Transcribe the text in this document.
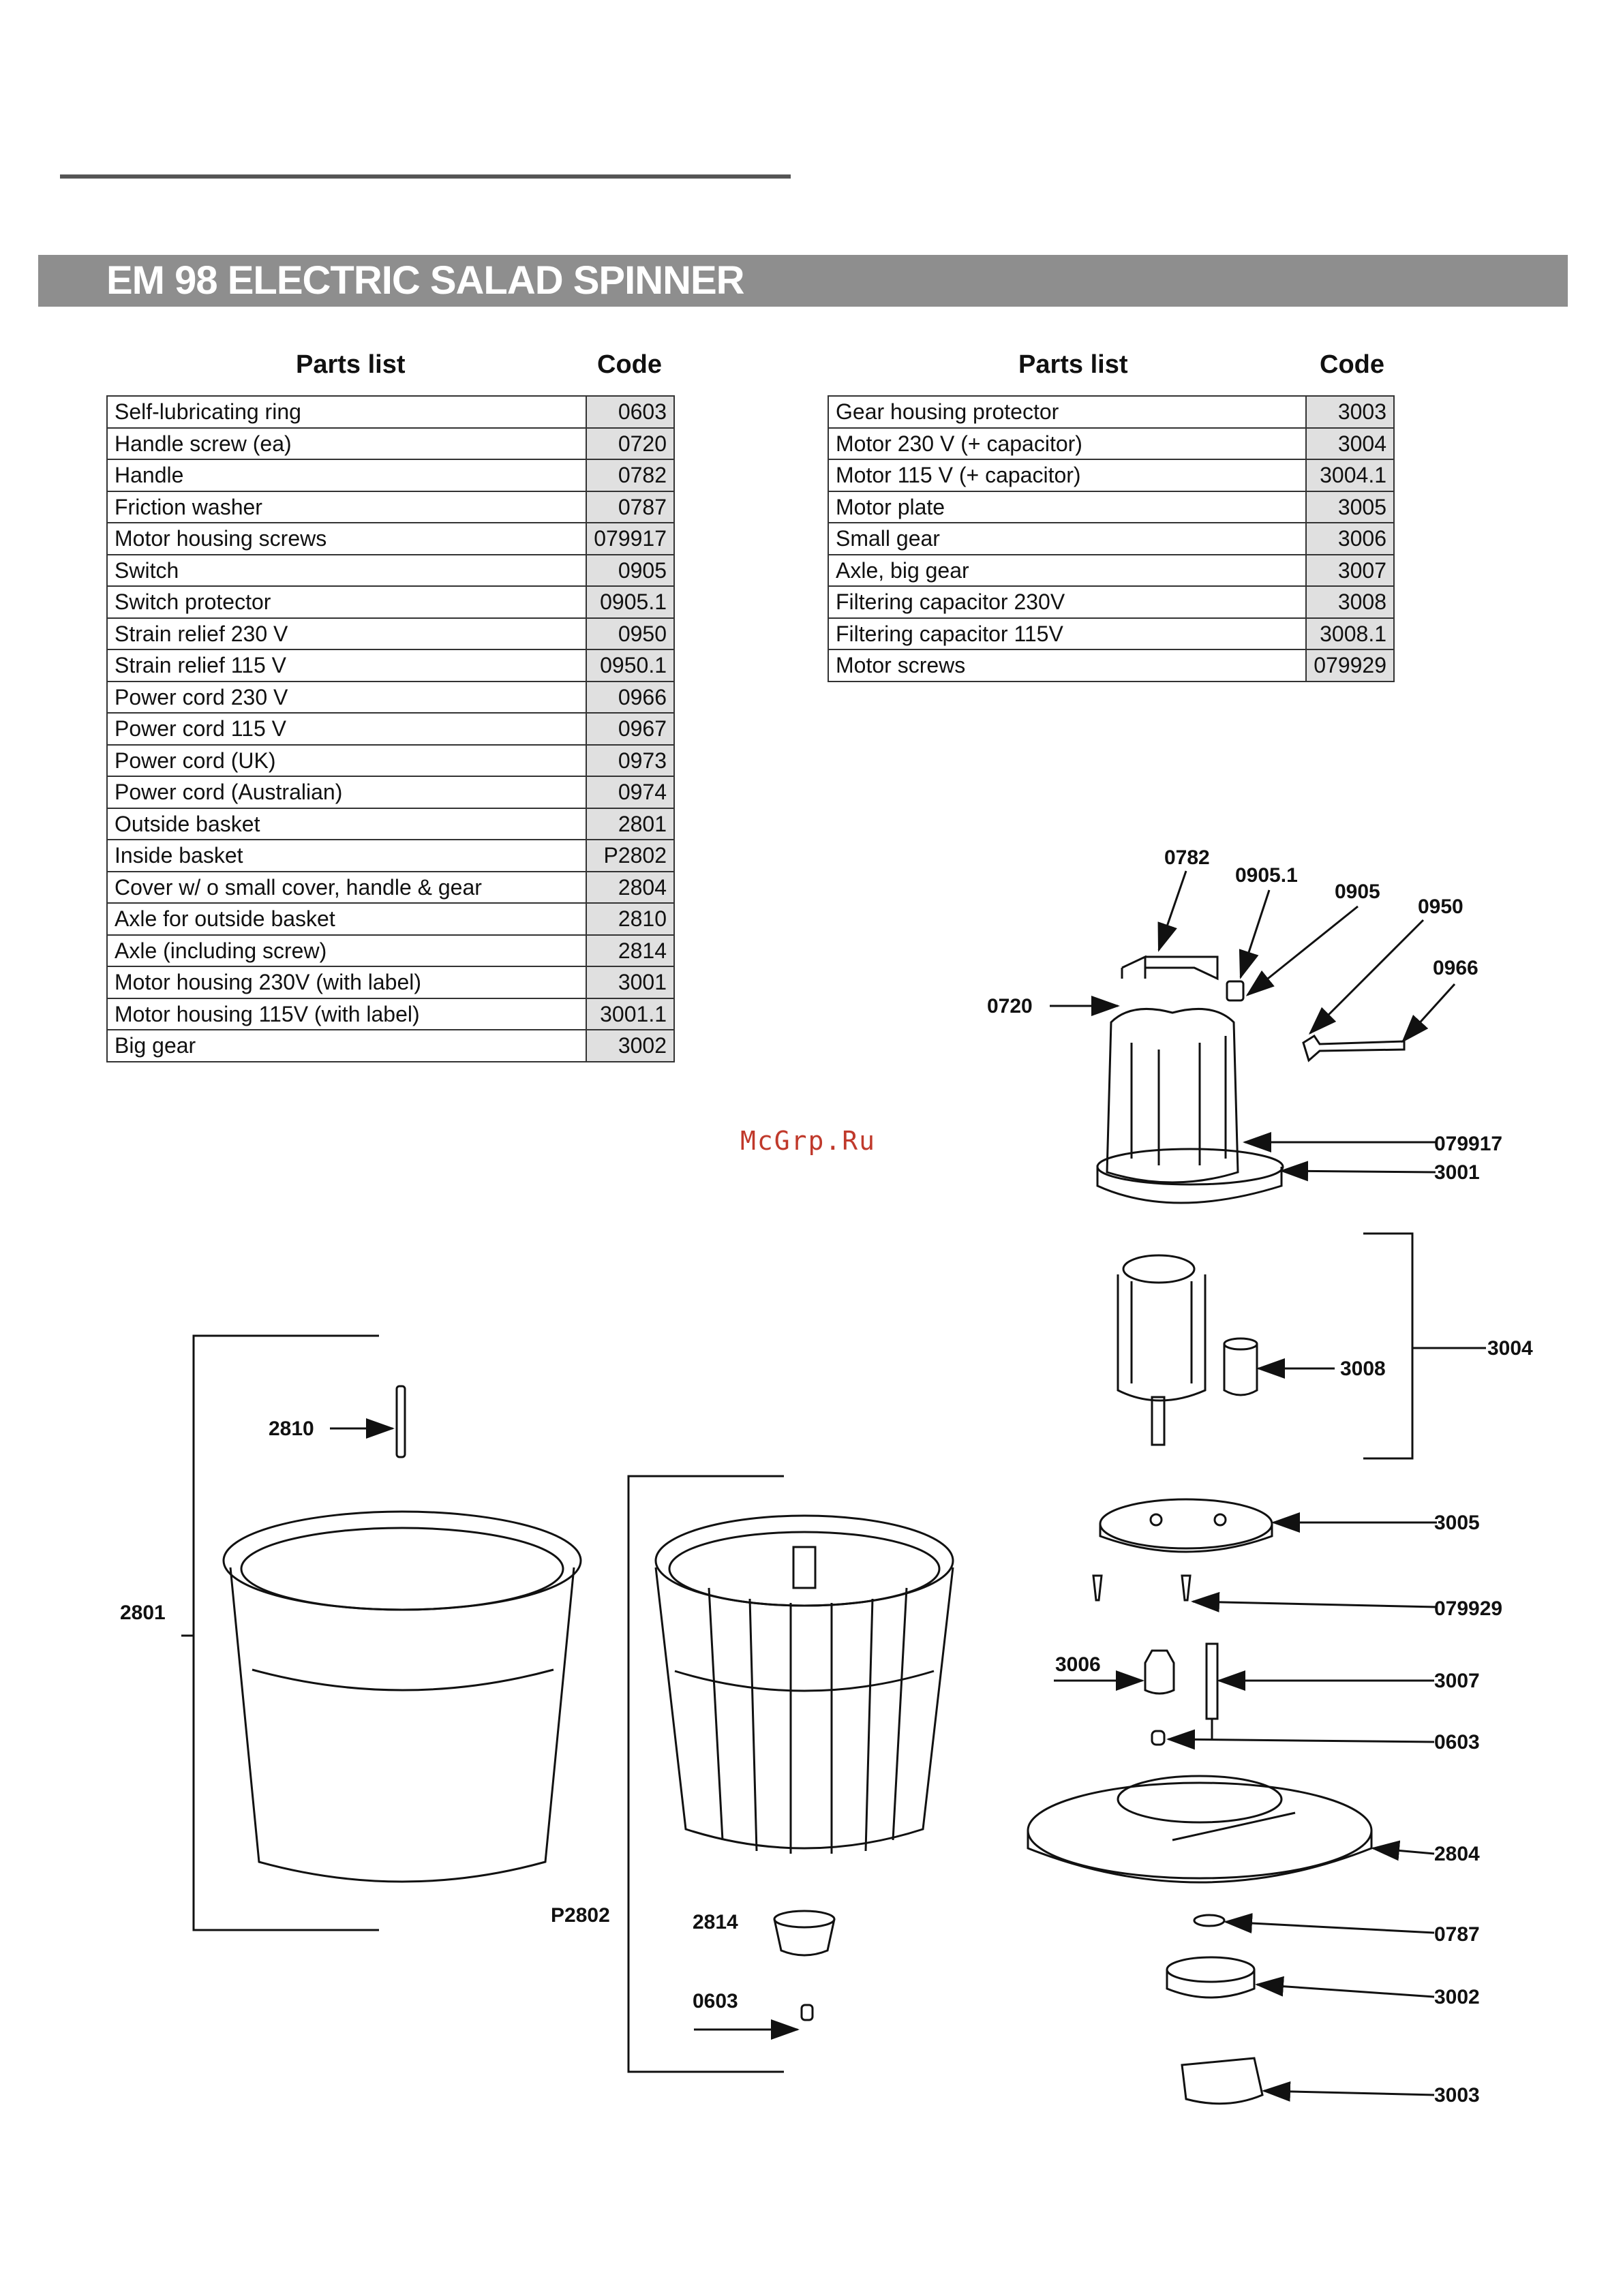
EM 98 ELECTRIC SALAD SPINNER
Parts list	Code	Parts list	Code
Self-lubricating ring	0603
Handle screw (ea)	0720
Handle	0782
Friction washer	0787
Motor housing screws	079917
Switch	0905
Switch protector	0905.1
Strain relief 230 V	0950
Strain relief 115 V	0950.1
Power cord 230 V	0966
Power cord 115 V	0967
Power cord (UK)	0973
Power cord (Australian)	0974
Outside basket	2801
Inside basket	P2802
Cover w/ o small cover, handle & gear	2804
Axle for outside basket	2810
Axle (including screw)	2814
Motor housing 230V (with label)	3001
Motor housing 115V (with label)	3001.1
Big gear	3002
Gear housing protector	3003
Motor 230 V (+ capacitor)	3004
Motor 115 V (+ capacitor)	3004.1
Motor plate	3005
Small gear	3006
Axle, big gear	3007
Filtering capacitor 230V	3008
Filtering capacitor 115V	3008.1
Motor screws	079929
McGrp.Ru
0782
0905.1
0905
0950
0966
0720
079917
3001
3004
3008
3005
079929
3006
3007
0603
2804
0787
3002
3003
2810
2801
P2802	2814
0603
